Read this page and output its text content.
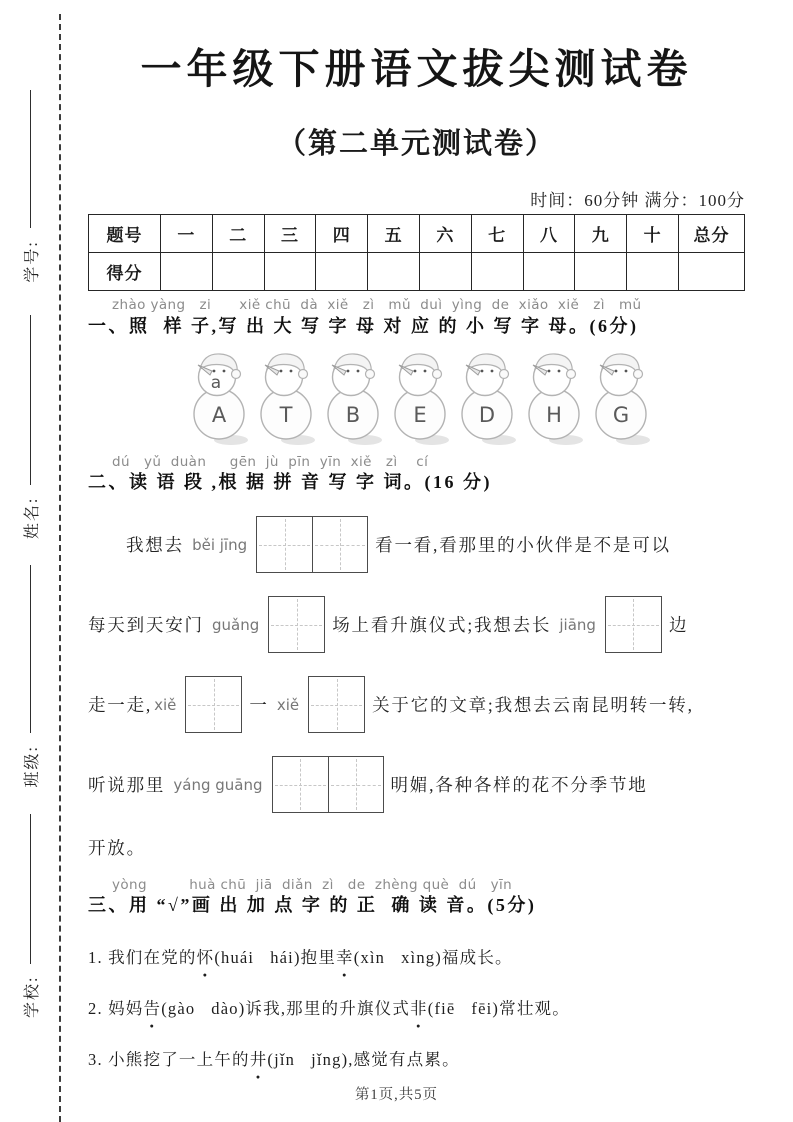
学校:
班级:
姓名:
学号:
一年级下册语文拔尖测试卷
（第二单元测试卷）
时间：60分钟 满分：100分
题号	一	二	三	四	五	六	七	八	九	十	总分
得分											
zhào yàng   zi      xiě chū  dà  xiě   zì   mǔ  duì  yìng  de  xiǎo  xiě   zì   mǔ
一、照  样 子,写 出 大 写 字 母 对 应 的 小 写 字 母。(6分)
a
A	T	B	E D H G
dú   yǔ  duàn     gēn  jù  pīn  yīn  xiě   zì    cí
二、读 语 段 ,根 据 拼 音 写 字 词。(16 分)
我想去 běi jīng	看一看,看那里的小伙伴是不是可以
每天到天安门 guǎng	场上看升旗仪式;我想去长 jiāng	边
走一走, xiě	一 xiě	关于它的文章;我想去云南昆明转一转,
听说那里 yáng guāng	明媚,各种各样的花不分季节地
开放。
yòng         huà chū  jiā  diǎn  zì   de  zhèng què  dú   yīn
三、用 “√”画 出 加 点 字 的 正  确 读 音。(5分)
1. 我们在党的怀 ●(huái   hái)抱里幸 ●(xìn   xìng)福成长。
2. 妈妈告 ●(gào   dào)诉我,那里的升旗仪式非 ●(fiē   fēi)常壮观。
3. 小熊挖了一上午的井 ●(jǐn   jǐng),感觉有点累。
第1页,共5页
